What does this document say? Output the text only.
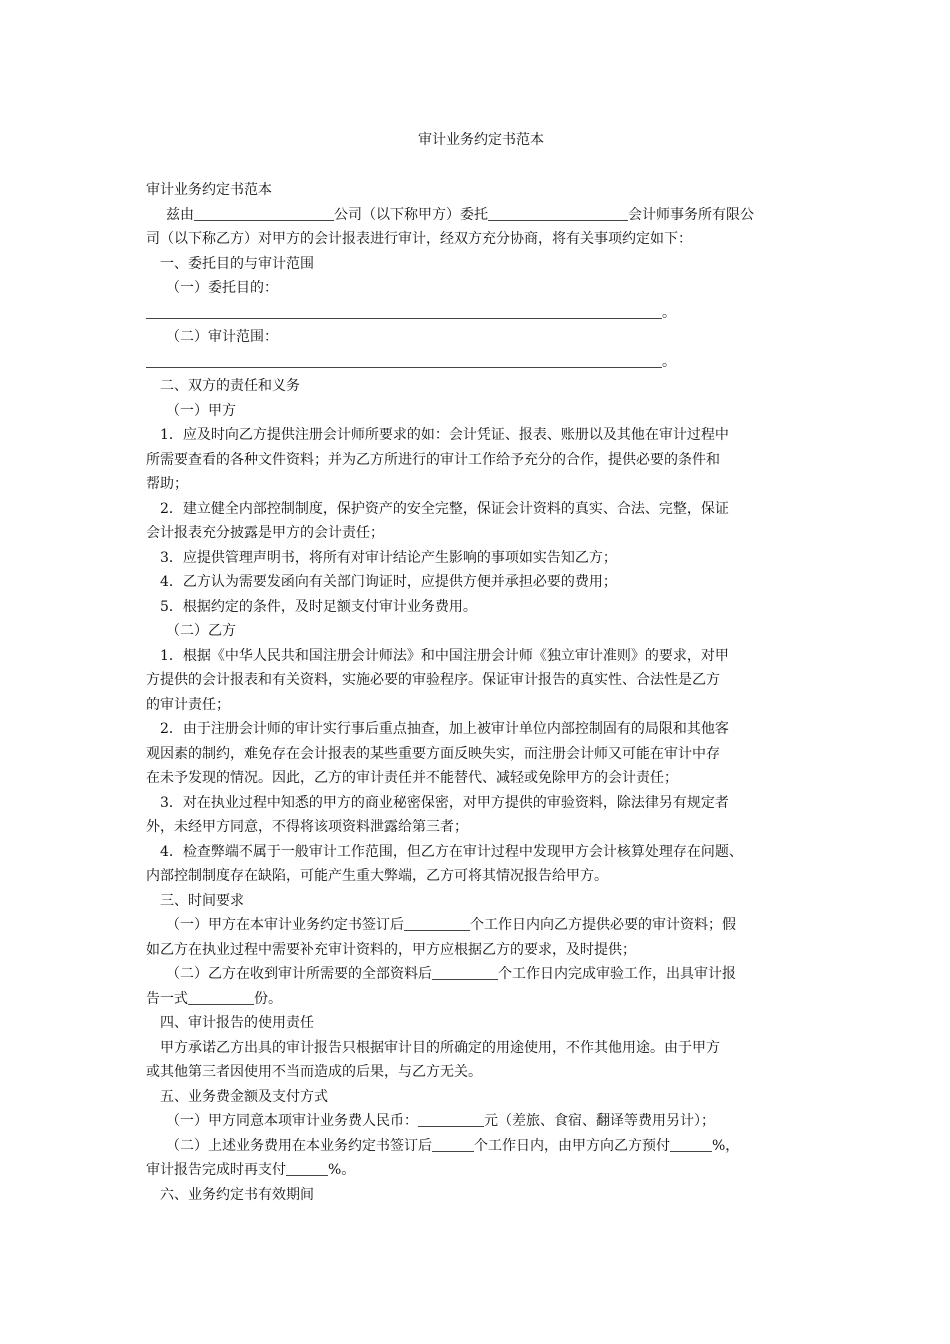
审计业务约定书范本

审计业务约定书范本

兹由	公司（以下称甲方）委托	会计师事务所有限公

司（以下称乙方）对甲方的会计报表进行审计，经双方充分协商，将有关事项约定如下：

一、委托目的与审计范围

（一）委托目的：

。

（二）审计范围：

。

二、双方的责任和义务

（一）甲方

1．应及时向乙方提供注册会计师所要求的如：会计凭证、报表、账册以及其他在审计过程中

所需要查看的各种文件资料；并为乙方所进行的审计工作给予充分的合作，提供必要的条件和

帮助；

2．建立健全内部控制制度，保护资产的安全完整，保证会计资料的真实、合法、完整，保证

会计报表充分披露是甲方的会计责任；

3．应提供管理声明书，将所有对审计结论产生影响的事项如实告知乙方；

4．乙方认为需要发函向有关部门询证时，应提供方便并承担必要的费用；

5．根据约定的条件，及时足额支付审计业务费用。

（二）乙方

1．根据《中华人民共和国注册会计师法》和中国注册会计师《独立审计准则》的要求，对甲

方提供的会计报表和有关资料，实施必要的审验程序。保证审计报告的真实性、合法性是乙方

的审计责任；

2．由于注册会计师的审计实行事后重点抽查，加上被审计单位内部控制固有的局限和其他客

观因素的制约，难免存在会计报表的某些重要方面反映失实，而注册会计师又可能在审计中存

在未予发现的情况。因此，乙方的审计责任并不能替代、减轻或免除甲方的会计责任；

3．对在执业过程中知悉的甲方的商业秘密保密，对甲方提供的审验资料，除法律另有规定者

外，未经甲方同意，不得将该项资料泄露给第三者；

4．检查弊端不属于一般审计工作范围，但乙方在审计过程中发现甲方会计核算处理存在问题、

内部控制制度存在缺陷，可能产生重大弊端，乙方可将其情况报告给甲方。

三、时间要求

（一）甲方在本审计业务约定书签订后	个工作日内向乙方提供必要的审计资料；假

如乙方在执业过程中需要补充审计资料的，甲方应根据乙方的要求，及时提供；

（二）乙方在收到审计所需要的全部资料后	个工作日内完成审验工作，出具审计报

告一式	份。

四、审计报告的使用责任

甲方承诺乙方出具的审计报告只根据审计目的所确定的用途使用，不作其他用途。由于甲方

或其他第三者因使用不当而造成的后果，与乙方无关。

五、业务费金额及支付方式

（一）甲方同意本项审计业务费人民币：	元（差旅、食宿、翻译等费用另计）；

（二）上述业务费用在本业务约定书签订后	个工作日内，由甲方向乙方预付	%，

审计报告完成时再支付	%。

六、业务约定书有效期间
